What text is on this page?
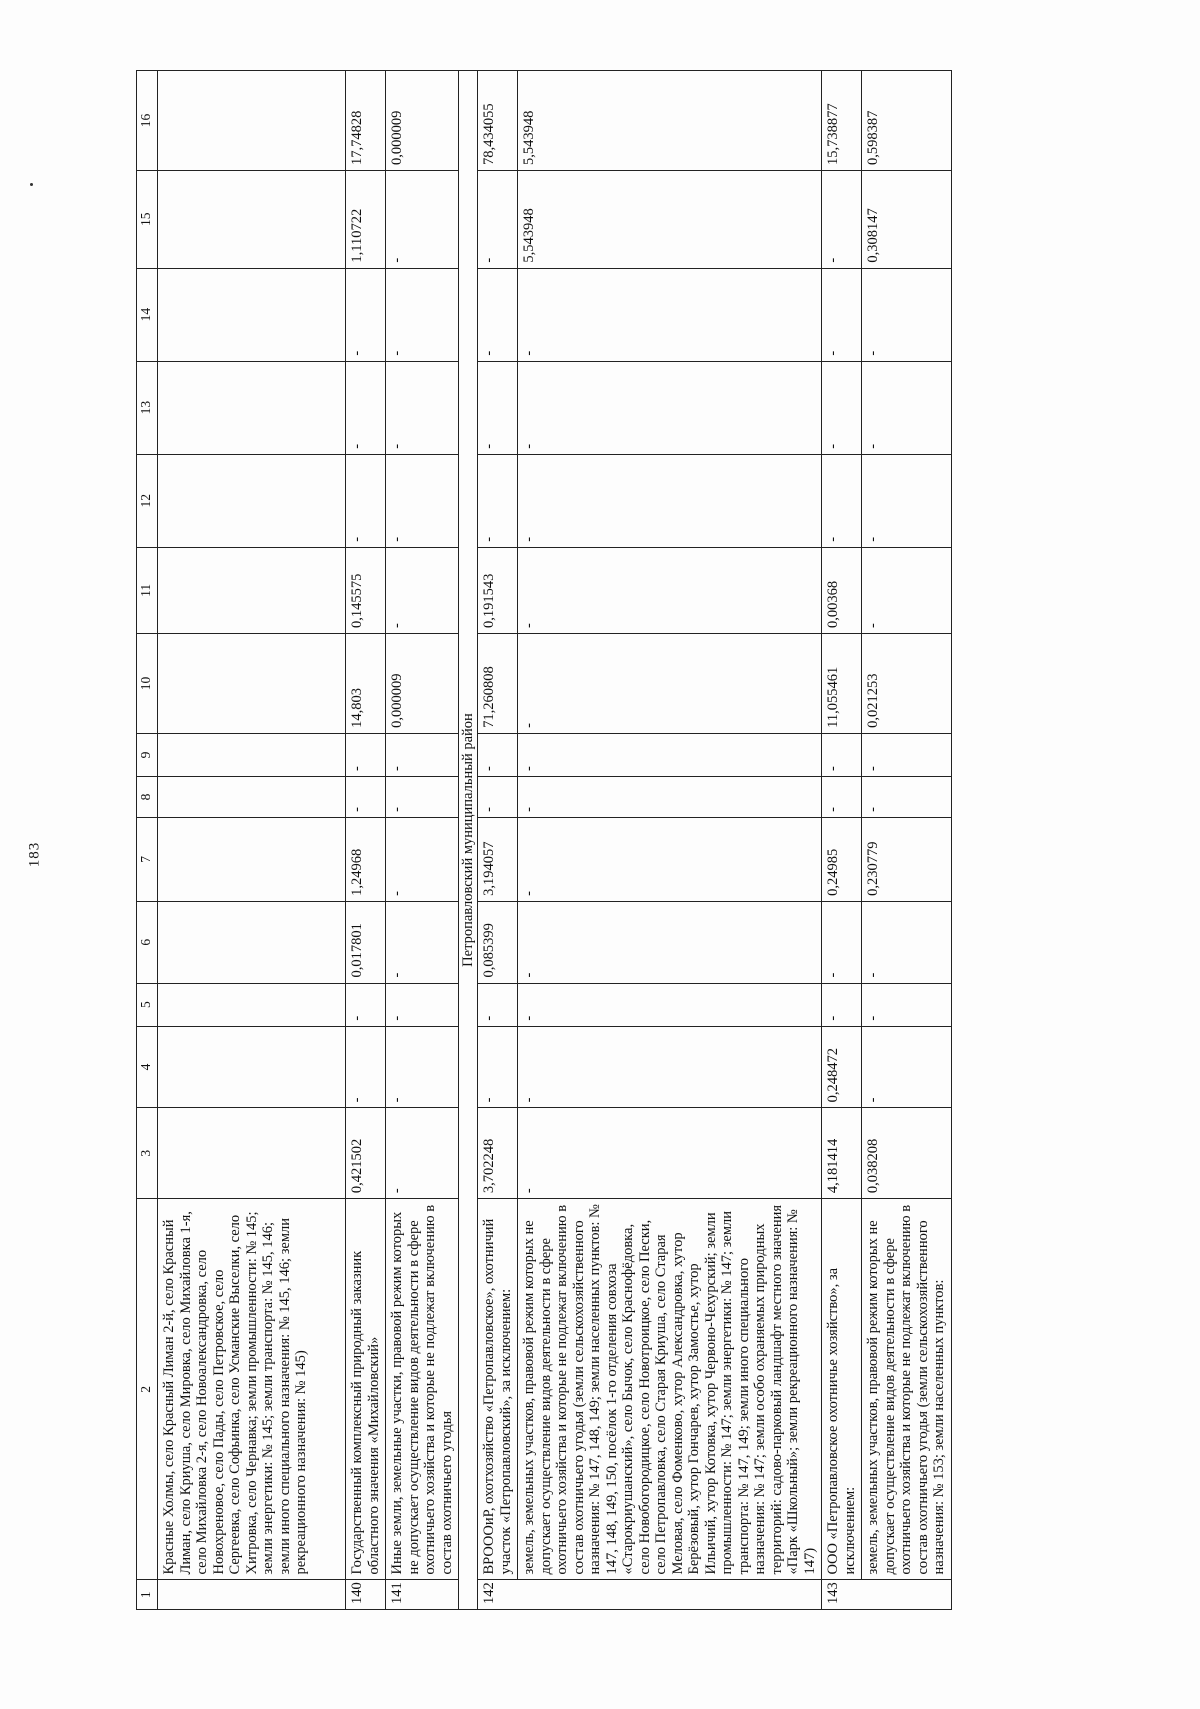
183
1	2	3	4	5	6	7	8	9	10	11	12	13	14	15	16
	Красные Холмы, село Красный Лиман 2-й, село Красный Лиман, село Криуша, село Мировка, село Михайловка 1-я, село Михайловка 2-я, село Новоалександровка, село Новохреновое, село Пады, село Петровское, село Сергеевка, село Софьинка, село Усманские Выселки, село Хитровка, село Чернавка; земли промышленности: № 145; земли энергетики: № 145; земли транспорта: № 145, 146; земли иного специального назначения: № 145, 146; земли рекреационного назначения: № 145)														
140	Государственный комплексный природный заказник областного значения «Михайловский»	0,421502	-	-	0,017801	1,24968	-	-	14,803	0,145575	-	-	-	1,110722	17,74828
141	Иные земли, земельные участки, правовой режим которых не допускает осуществление видов деятельности в сфере охотничьего хозяйства и которые не подлежат включению в состав охотничьего угодья	-	-	-	-	-	-	-	0,000009	-	-	-	-	-	0,000009
Петропавловский муниципальный район															
142	ВРОООиР, охотхозяйство «Петропавловское», охотничий участок «Петропавловский», за исключением:	3,702248	-	-	0,085399	3,194057	-	-	71,260808	0,191543	-	-	-	-	78,434055
	земель, земельных участков, правовой режим которых не допускает осуществление видов деятельности в сфере охотничьего хозяйства и которые не подлежат включению в состав охотничьего угодья (земли сельскохозяйственного назначения: № 147, 148, 149; земли населенных пунктов: № 147, 148, 149, 150, посёлок 1-го отделения совхоза «Старокриушанский», село Бычок, село Краснофёдовка, село Новобогородицкое, село Новотроицкое, село Пески, село Петропавловка, село Старая Криуша, село Старая Меловая, село Фоменково, хутор Александровка, хутор Берёзовый, хутор Гончарев, хутор Замостье, хутор Ильичий, хутор Котовка, хутор Червоно-Чехурский; земли промышленности: № 147; земли энергетики: № 147; земли транспорта: № 147, 149; земли иного специального назначения: № 147; земли особо охраняемых природных территорий: садово-парковый ландшафт местного значения «Парк «Школьный»; земли рекреационного назначения: № 147)	-	-	-	-	-	-	-	-	-	-	-	-	5,543948	5,543948
143	ООО «Петропавловское охотничье хозяйство», за исключением:	4,181414	0,248472	-	-	0,24985	-	-	11,055461	0,00368	-	-	-	-	15,738877
	земель, земельных участков, правовой режим которых не допускает осуществление видов деятельности в сфере охотничьего хозяйства и которые не подлежат включению в состав охотничьего угодья (земли сельскохозяйственного назначения: № 153; земли населенных пунктов:	0,038208	-	-	-	0,230779	-	-	0,021253	-	-	-	-	0,308147	0,598387
